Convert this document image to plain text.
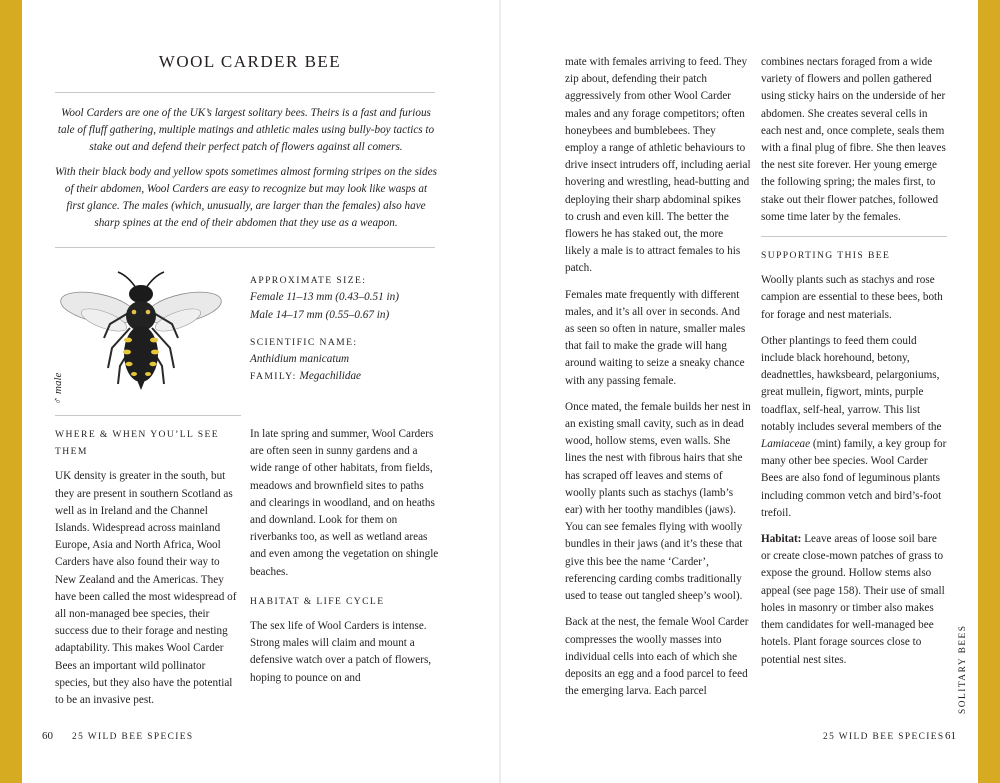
WOOL CARDER BEE

Wool Carders are one of the UK’s largest solitary bees. Theirs is a fast and furious tale of fluff gathering, multiple matings and athletic males using bully-boy tactics to stake out and defend their perfect patch of flowers against all comers.

With their black body and yellow spots sometimes almost forming stripes on the sides of their abdomen, Wool Carders are easy to recognize but may look like wasps at first glance. The males (which, unusually, are larger than the females) also have sharp spines at the end of their abdomen that they use as a weapon.

♂ male
APPROXIMATE SIZE:
Female 11–13 mm (0.43–0.51 in)
Male 14–17 mm (0.55–0.67 in)
SCIENTIFIC NAME:
Anthidium manicatum
FAMILY: Megachilidae
WHERE & WHEN YOU’LL SEE THEM

UK density is greater in the south, but they are present in southern Scotland as well as in Ireland and the Channel Islands. Widespread across mainland Europe, Asia and North Africa, Wool Carders have also found their way to New Zealand and the Americas. They have been called the most widespread of all non-managed bee species, their success due to their forage and nesting adaptability. This makes Wool Carder Bees an important wild pollinator species, but they also have the potential to be an invasive pest.

In late spring and summer, Wool Carders are often seen in sunny gardens and a wide range of other habitats, from fields, meadows and brownfield sites to paths and clearings in woodland, and on heaths and downland. Look for them on riverbanks too, as well as wetland areas and even among the vegetation on shingle beaches.

HABITAT & LIFE CYCLE

The sex life of Wool Carders is intense. Strong males will claim and mount a defensive watch over a patch of flowers, hoping to pounce on and

60 25 WILD BEE SPECIES

mate with females arriving to feed. They zip about, defending their patch aggressively from other Wool Carder males and any forage competitors; often honeybees and bumblebees. They employ a range of athletic behaviours to drive insect intruders off, including aerial hovering and wrestling, head-butting and deploying their sharp abdominal spikes to crush and even kill. The better the flowers he has staked out, the more likely a male is to attract females to his patch.

Females mate frequently with different males, and it’s all over in seconds. And as seen so often in nature, smaller males that fail to make the grade will hang around waiting to seize a sneaky chance with any passing female.

Once mated, the female builds her nest in an existing small cavity, such as in dead wood, hollow stems, even walls. She lines the nest with fibrous hairs that she has scraped off leaves and stems of woolly plants such as stachys (lamb’s ear) with her toothy mandibles (jaws). You can see females flying with woolly bundles in their jaws (and it’s these that give this bee the name ‘Carder’, referencing carding combs traditionally used to tease out tangled sheep’s wool).

Back at the nest, the female Wool Carder compresses the woolly masses into individual cells into each of which she deposits an egg and a food parcel to feed the emerging larva. Each parcel

combines nectars foraged from a wide variety of flowers and pollen gathered using sticky hairs on the underside of her abdomen. She creates several cells in each nest and, once complete, seals them with a final plug of fibre. She then leaves the nest site forever. Her young emerge the following spring; the males first, to stake out their flower patches, followed some time later by the females.

SUPPORTING THIS BEE

Woolly plants such as stachys and rose campion are essential to these bees, both for forage and nest materials.

Other plantings to feed them could include black horehound, betony, deadnettles, hawksbeard, pelargoniums, great mullein, figwort, mints, purple toadflax, self-heal, yarrow. This list notably includes several members of the Lamiaceae (mint) family, a key group for many other bee species. Wool Carder Bees are also fond of leguminous plants including common vetch and bird’s-foot trefoil.

Habitat: Leave areas of loose soil bare or create close-mown patches of grass to expose the ground. Hollow stems also appeal (see page 158). Their use of small holes in masonry or timber also makes them candidates for well-managed bee hotels. Plant forage sources close to potential nest sites.

25 WILD BEE SPECIES 61
SOLITARY BEES
